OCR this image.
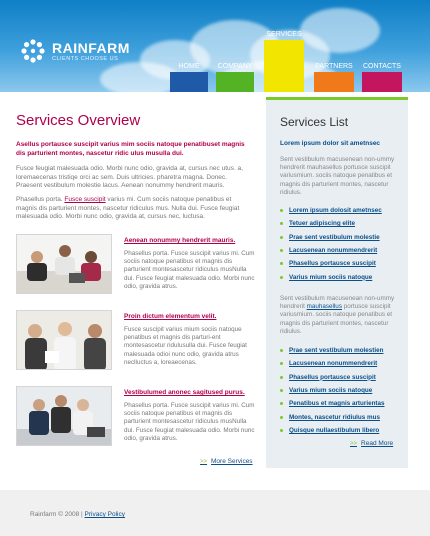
RAINFARM
CLIENTS CHOOSE US
HOME	COMPANY
SERVICES
PARTNERS CONTACTS
Services Overview
Asellus portausce suscipit varius mim sociis natoque penatibuset magnis dis parturient montes, nascetur ridic ulus musulla dui.
Fusce feugiat malesuada odio. Morbi nunc odio, gravida at, cursus nec utus. a, loremaecenas tristiqe orci ac sem. Duis ultricies. pharetra magna. Donec. Praesent vestibulum molestie lacus. Aenean nonummy hendrerit mauris.
Phasellus porta. Fusce suscipit varius mi. Cum sociis natoque penatibus et magnis dis parturient montes, nascetur ridiculus mus. Nulla dui. Fusce feugiat malesuada odio. Morbi nunc odio, gravida at, cursus nec, luctusa.
Aenean nonummy hendrerit mauris.
Phasellus porta. Fusce suscipit varius mi. Cum sociis natoque penatibus et magnis dis parturient montesascetur ridiculus musNulla dui. Fusce feugiat malesuada odio. Morbi nunc odio, gravida atrus.
Proin dictum elementum velit.
Fusce suscipit varius mium sociis natoque penatibus et magnis dis parturi-ent montesascetur ridulusulla dui. Fusce feugiat malesuada odioi nunc odio, gravida atrus neclluctus a, loreaecenas.
Vestibulumed anonec sagitused purus.
Phasellus porta. Fusce suscipit varius mi. Cum sociis natoque penatibus et magnis dis parturient montesascetur ridiculus musNulla dui. Fusce feugiat malesuada odio. Morbi nunc odio, gravida atrus.
>> More Services
Services List
Lorem ipsum dolor sit ametnsec
Sent vestibulum macusenean non-ummy hendrerit mauhasellus portusce suscipit variusmium. sociis natoque penatibus et magnis dis parturient montes, nascetur ridiulus.
Lorem ipsum dolosit ametnsec
Tetuer adipiscing elite
Prae sent vestibulum molestie
Lacusenean nonummendrerit
Phasellus portausce suscipit
Varius mium sociis natoque
Sent vestibulum macusenean non-ummy hendrerit mauhasellus portusce suscipit variusmium. sociis natoque penatibus et magnis dis parturient montes, nascetur ridiulus.
Prae sent vestibulum molestien
Lacusenean nonummendrerit
Phasellus portausce suscipit
Varius mium sociis natoque
Penatibus et magnis arturientas
Montes, nascetur ridiulus mus
Quisque nullaestibulum libero
>> Read More
Rainfarm © 2008 | Privacy Policy
